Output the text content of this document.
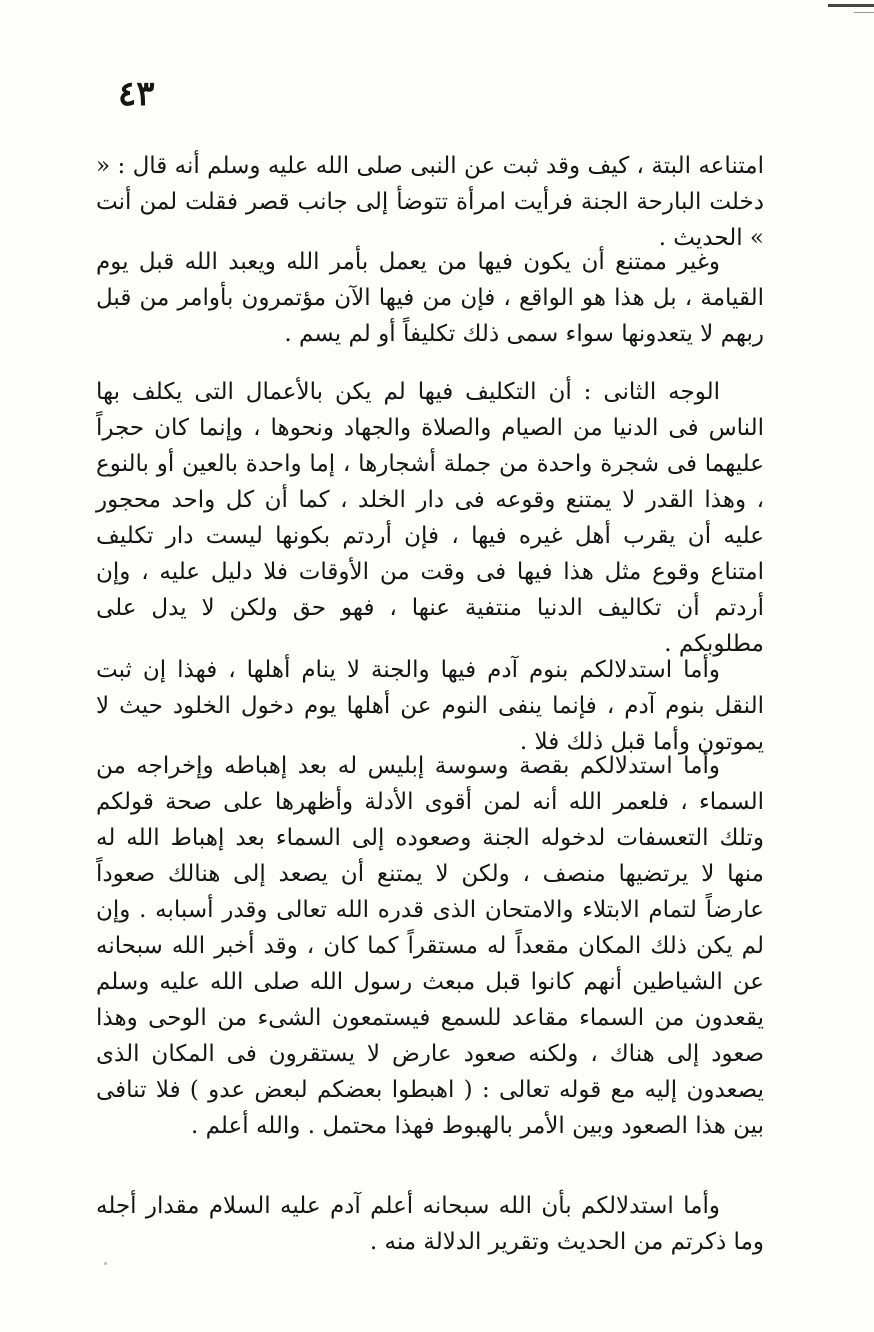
٤٣

امتناعه البتة ، كيف وقد ثبت عن النبى صلى الله عليه وسلم أنه قال : « دخلت البارحة الجنة فرأيت امرأة تتوضأ إلى جانب قصر فقلت لمن أنت » الحديث .

وغير ممتنع أن يكون فيها من يعمل بأمر الله ويعبد الله قبل يوم القيامة ، بل هذا هو الواقع ، فإن من فيها الآن مؤتمرون بأوامر من قبل ربهم لا يتعدونها سواء سمى ذلك تكليفاً أو لم يسم .

الوجه الثانى : أن التكليف فيها لم يكن بالأعمال التى يكلف بها الناس فى الدنيا من الصيام والصلاة والجهاد ونحوها ، وإنما كان حجراً عليهما فى شجرة واحدة من جملة أشجارها ، إما واحدة بالعين أو بالنوع ، وهذا القدر لا يمتنع وقوعه فى دار الخلد ، كما أن كل واحد محجور عليه أن يقرب أهل غيره فيها ، فإن أردتم بكونها ليست دار تكليف امتناع وقوع مثل هذا فيها فى وقت من الأوقات فلا دليل عليه ، وإن أردتم أن تكاليف الدنيا منتفية عنها ، فهو حق ولكن لا يدل على مطلوبكم .

وأما استدلالكم بنوم آدم فيها والجنة لا ينام أهلها ، فهذا إن ثبت النقل بنوم آدم ، فإنما ينفى النوم عن أهلها يوم دخول الخلود حيث لا يموتون وأما قبل ذلك فلا .

وأما استدلالكم بقصة وسوسة إبليس له بعد إهباطه وإخراجه من السماء ، فلعمر الله أنه لمن أقوى الأدلة وأظهرها على صحة قولكم وتلك التعسفات لدخوله الجنة وصعوده إلى السماء بعد إهباط الله له منها لا يرتضيها منصف ، ولكن لا يمتنع أن يصعد إلى هنالك صعوداً عارضاً لتمام الابتلاء والامتحان الذى قدره الله تعالى وقدر أسبابه . وإن لم يكن ذلك المكان مقعداً له مستقراً كما كان ، وقد أخبر الله سبحانه عن الشياطين أنهم كانوا قبل مبعث رسول الله صلى الله عليه وسلم يقعدون من السماء مقاعد للسمع فيستمعون الشىء من الوحى وهذا صعود إلى هناك ، ولكنه صعود عارض لا يستقرون فى المكان الذى يصعدون إليه مع قوله تعالى : ( اهبطوا بعضكم لبعض عدو ) فلا تنافى بين هذا الصعود وبين الأمر بالهبوط فهذا محتمل . والله أعلم .

وأما استدلالكم بأن الله سبحانه أعلم آدم عليه السلام مقدار أجله وما ذكرتم من الحديث وتقرير الدلالة منه .
